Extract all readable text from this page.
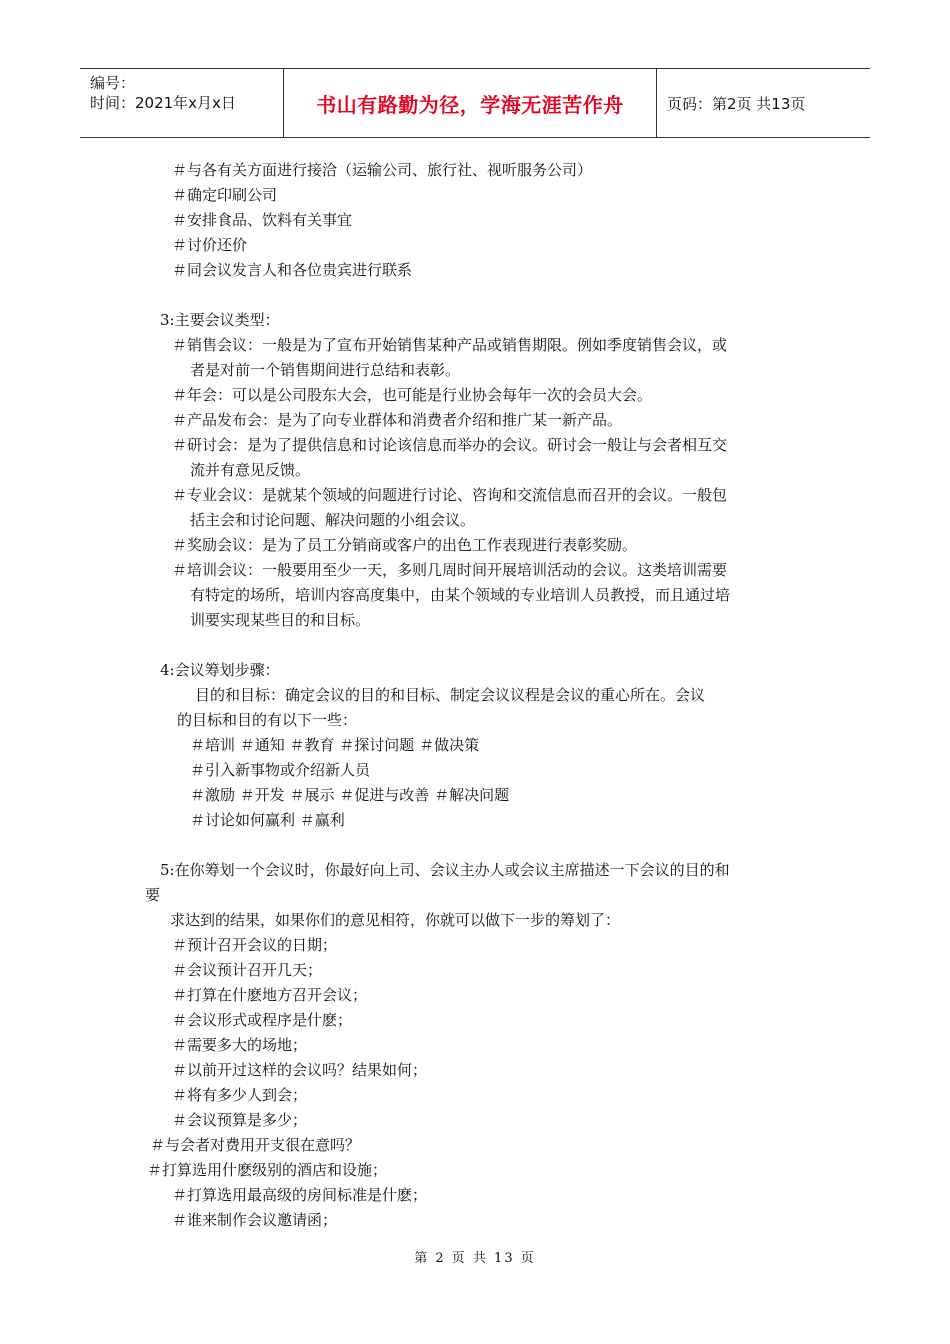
编号：
时间：2021年x月x日	书山有路勤为径，学海无涯苦作舟	页码：第2页 共13页
＃与各有关方面进行接洽（运输公司、旅行社、视听服务公司）
＃确定印刷公司
＃安排食品、饮料有关事宜
＃讨价还价
＃同会议发言人和各位贵宾进行联系
3:主要会议类型：
＃销售会议：一般是为了宣布开始销售某种产品或销售期限。例如季度销售会议，或
者是对前一个销售期间进行总结和表彰。
＃年会：可以是公司股东大会，也可能是行业协会每年一次的会员大会。
＃产品发布会：是为了向专业群体和消费者介绍和推广某一新产品。
＃研讨会：是为了提供信息和讨论该信息而举办的会议。研讨会一般让与会者相互交
流并有意见反馈。
＃专业会议：是就某个领域的问题进行讨论、咨询和交流信息而召开的会议。一般包
括主会和讨论问题、解决问题的小组会议。
＃奖励会议：是为了员工分销商或客户的出色工作表现进行表彰奖励。
＃培训会议：一般要用至少一天，多则几周时间开展培训活动的会议。这类培训需要
有特定的场所，培训内容高度集中，由某个领域的专业培训人员教授，而且通过培
训要实现某些目的和目标。
4:会议筹划步骤：
目的和目标：确定会议的目的和目标、制定会议议程是会议的重心所在。会议
的目标和目的有以下一些：
＃培训 ＃通知 ＃教育 ＃探讨问题 ＃做决策
＃引入新事物或介绍新人员
＃激励 ＃开发 ＃展示 ＃促进与改善 ＃解决问题
＃讨论如何赢利 ＃赢利
5:在你筹划一个会议时，你最好向上司、会议主办人或会议主席描述一下会议的目的和
要
求达到的结果，如果你们的意见相符，你就可以做下一步的筹划了：
＃预计召开会议的日期；
＃会议预计召开几天；
＃打算在什麽地方召开会议；
＃会议形式或程序是什麽；
＃需要多大的场地；
＃以前开过这样的会议吗？结果如何；
＃将有多少人到会；
＃会议预算是多少；
＃与会者对费用开支很在意吗？
＃打算选用什麽级别的酒店和设施；
＃打算选用最高级的房间标准是什麽；
＃谁来制作会议邀请函；
第 2 页 共 13 页
